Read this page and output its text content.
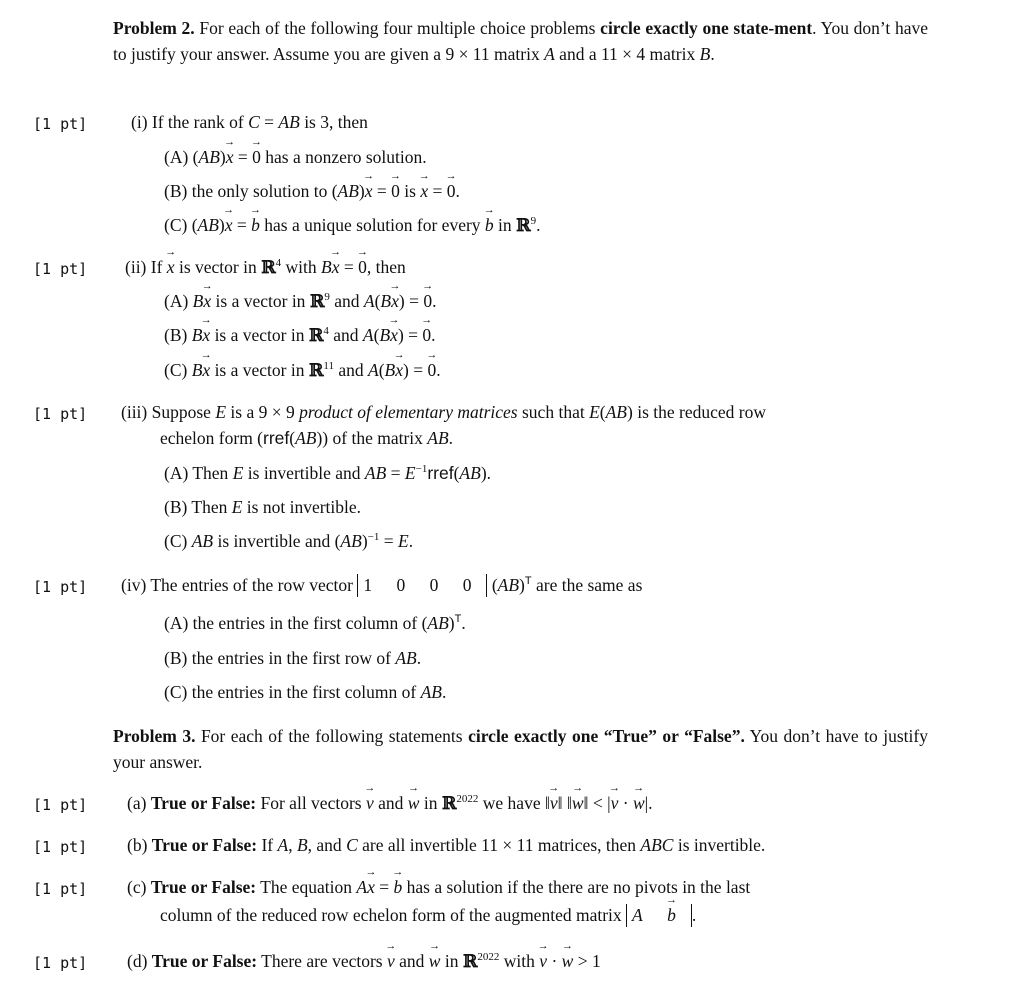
Problem 2. For each of the following four multiple choice problems circle exactly one state-ment. You don’t have to justify your answer. Assume you are given a 9 × 11 matrix A and a 11 × 4 matrix B.
[1 pt]	(i) If the rank of C = AB is 3, then
(A) (AB)→ x = → 0 has a nonzero solution.
(B) the only solution to (AB)→ x = → 0 is → x = → 0.
(C) (AB)→ x = → b has a unique solution for every → b in ℝ$^9$.
[1 pt] (ii) If → x is vector in ℝ$^4$ with B→ x = → 0, then
(A) B→ x is a vector in ℝ$^9$ and A(B→ x) = → 0.
(B) B→ x is a vector in ℝ$^4$ and A(B→ x) = → 0.
(C) B→ x is a vector in ℝ$^{11}$ and A(B→ x) = → 0.
[1 pt] (iii) Suppose E is a 9 × 9 product of elementary matrices such that E(AB) is the reduced row
echelon form (rref(AB)) of the matrix AB.
(A) Then E is invertible and AB = $E^{-1}rref(AB)$.
(B) Then E is not invertible.
(C) AB is invertible and (AB)$^{-1}$ = E.
[1 pt] (iv) The entries of the row vector 1 0 0 0 (AB)$^T$ are the same as
(A) the entries in the first column of (AB)$^T$.
(B) the entries in the first row of AB.
(C) the entries in the first column of AB.
Problem 3. For each of the following statements circle exactly one “True” or “False”. You don’t have to justify your answer.
[1 pt] (a) True or False: For all vectors → v and → w in ℝ$^{2022}$ we have ‖→ v‖ ‖→ w‖ < |→ v · → w|.
[1 pt] (b) True or False: If A, B, and C are all invertible 11 × 11 matrices, then ABC is invertible.
[1 pt] (c) True or False: The equation A→ x = → b has a solution if the there are no pivots in the last
column of the reduced row echelon form of the augmented matrix A → b .
[1 pt] (d) True or False: There are vectors → v and → w in ℝ$^{2022}$ with → v · → w > 1
